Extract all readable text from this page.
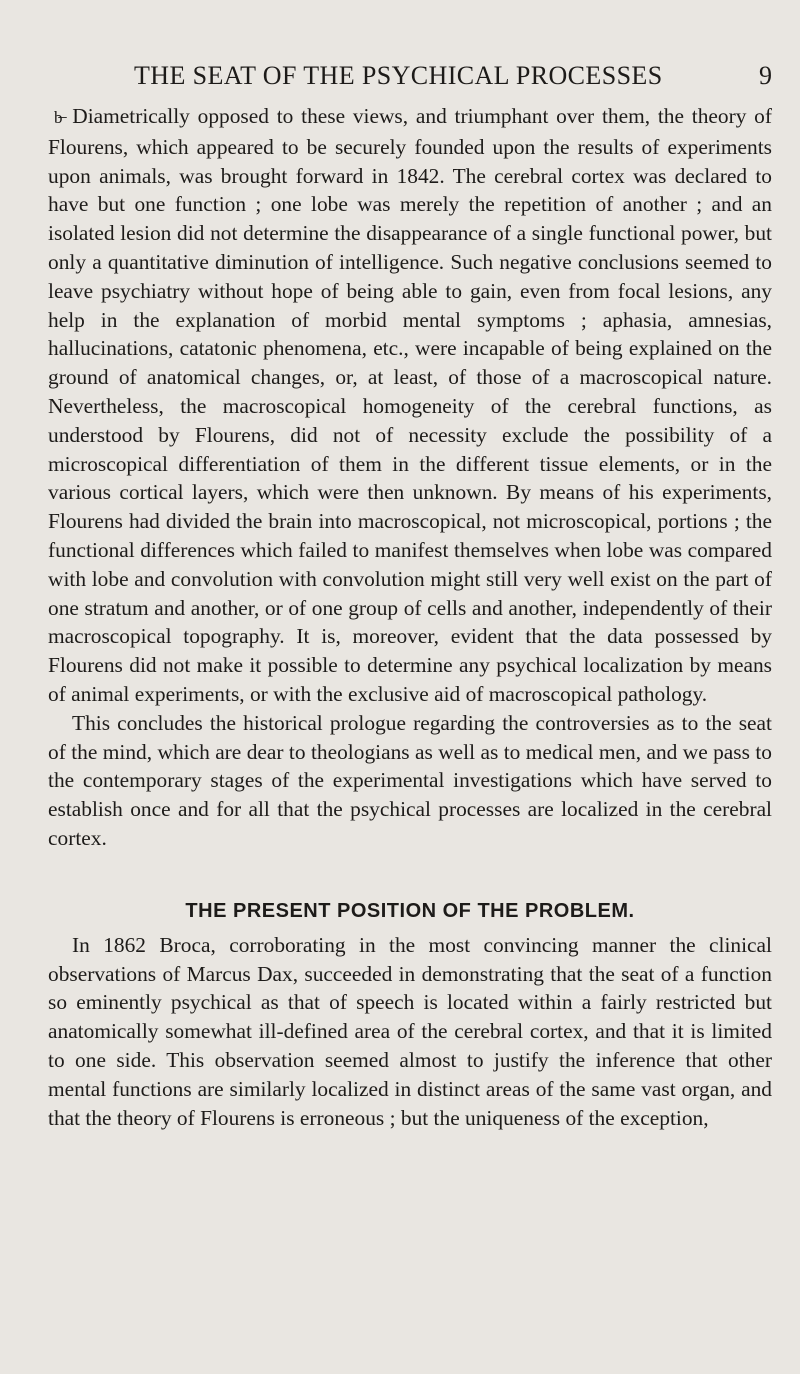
THE SEAT OF THE PSYCHICAL PROCESSES	9

b̶ Diametrically opposed to these views, and triumphant over them, the theory of Flourens, which appeared to be securely founded upon the results of experiments upon animals, was brought forward in 1842. The cerebral cortex was declared to have but one function ; one lobe was merely the repetition of another ; and an isolated lesion did not determine the disappearance of a single functional power, but only a quantitative diminution of intelligence. Such negative conclusions seemed to leave psychiatry without hope of being able to gain, even from focal lesions, any help in the explanation of morbid mental symptoms ; aphasia, amnesias, hallucinations, catatonic phenomena, etc., were incapable of being explained on the ground of anatomical changes, or, at least, of those of a macroscopical nature. Nevertheless, the macroscopical homogeneity of the cerebral functions, as understood by Flourens, did not of necessity exclude the possibility of a microscopical differentiation of them in the different tissue elements, or in the various cortical layers, which were then unknown. By means of his experiments, Flourens had divided the brain into macroscopical, not microscopical, portions ; the functional differences which failed to manifest themselves when lobe was compared with lobe and convolution with convolution might still very well exist on the part of one stratum and another, or of one group of cells and another, independently of their macroscopical topography. It is, moreover, evident that the data possessed by Flourens did not make it possible to determine any psychical localization by means of animal experiments, or with the exclusive aid of macroscopical pathology.

This concludes the historical prologue regarding the controversies as to the seat of the mind, which are dear to theologians as well as to medical men, and we pass to the contemporary stages of the experimental investigations which have served to establish once and for all that the psychical processes are localized in the cerebral cortex.

THE PRESENT POSITION OF THE PROBLEM.

In 1862 Broca, corroborating in the most convincing manner the clinical observations of Marcus Dax, succeeded in demonstrating that the seat of a function so eminently psychical as that of speech is located within a fairly restricted but anatomically somewhat ill-defined area of the cerebral cortex, and that it is limited to one side. This observation seemed almost to justify the inference that other mental functions are similarly localized in distinct areas of the same vast organ, and that the theory of Flourens is erroneous ; but the uniqueness of the exception,
